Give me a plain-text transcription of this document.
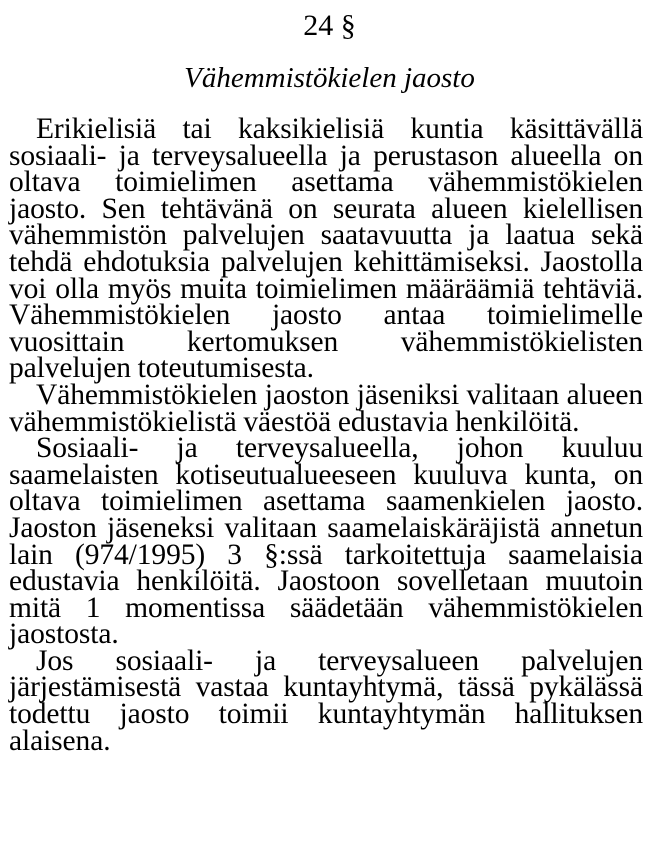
24 §
Vähemmistökielen jaosto

Erikielisiä tai kaksikielisiä kuntia käsittävällä sosiaali- ja terveysalueella ja perustason alueella on oltava toimielimen asettama vähemmistökielen jaosto. Sen tehtävänä on seurata alueen kielellisen vähemmistön palvelujen saatavuutta ja laatua sekä tehdä ehdotuksia palvelujen kehittämiseksi. Jaostolla voi olla myös muita toimielimen määräämiä tehtäviä. Vähemmistökielen jaosto antaa toimielimelle vuosittain kertomuksen vähemmistökielisten palvelujen toteutumisesta.

Vähemmistökielen jaoston jäseniksi valitaan alueen vähemmistökielistä väestöä edustavia henkilöitä.

Sosiaali- ja terveysalueella, johon kuuluu saamelaisten kotiseutualueeseen kuuluva kunta, on oltava toimielimen asettama saamenkielen jaosto. Jaoston jäseneksi valitaan saamelaiskäräjistä annetun lain (974/1995) 3 §:ssä tarkoitettuja saamelaisia edustavia henkilöitä. Jaostoon sovelletaan muutoin mitä 1 momentissa säädetään vähemmistökielen jaostosta.

Jos sosiaali- ja terveysalueen palvelujen järjestämisestä vastaa kuntayhtymä, tässä pykälässä todettu jaosto toimii kuntayhtymän hallituksen alaisena.
